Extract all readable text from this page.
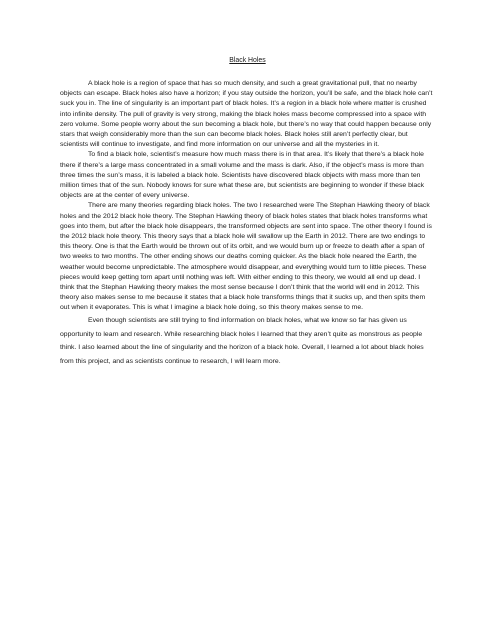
Black Holes

A black hole is a region of space that has so much density, and such a great gravitational pull, that no nearby objects can escape. Black holes also have a horizon; if you stay outside the horizon, you’ll be safe, and the black hole can’t suck you in. The line of singularity is an important part of black holes. It’s a region in a black hole where matter is crushed into infinite density. The pull of gravity is very strong, making the black holes mass become compressed into a space with zero volume. Some people worry about the sun becoming a black hole, but there’s no way that could happen because only stars that weigh considerably more than the sun can become black holes. Black holes still aren’t perfectly clear, but scientists will continue to investigate, and find more information on our universe and all the mysteries in it.

To find a black hole, scientist’s measure how much mass there is in that area. It’s likely that there’s a black hole there if there’s a large mass concentrated in a small volume and the mass is dark. Also, if the object’s mass is more than three times the sun’s mass, it is labeled a black hole. Scientists have discovered black objects with mass more than ten million times that of the sun. Nobody knows for sure what these are, but scientists are beginning to wonder if these black objects are at the center of every universe.

There are many theories regarding black holes. The two I researched were The Stephan Hawking theory of black holes and the 2012 black hole theory. The Stephan Hawking theory of black holes states that black holes transforms what goes into them, but after the black hole disappears, the transformed objects are sent into space. The other theory I found is the 2012 black hole theory. This theory says that a black hole will swallow up the Earth in 2012. There are two endings to this theory. One is that the Earth would be thrown out of its orbit, and we would burn up or freeze to death after a span of two weeks to two months. The other ending shows our deaths coming quicker. As the black hole neared the Earth, the weather would become unpredictable. The atmosphere would disappear, and everything would turn to little pieces. These pieces would keep getting torn apart until nothing was left. With either ending to this theory, we would all end up dead. I think that the Stephan Hawking theory makes the most sense because I don’t think that the world will end in 2012. This theory also makes sense to me because it states that a black hole transforms things that it sucks up, and then spits them out when it evaporates. This is what I imagine a black hole doing, so this theory makes sense to me.

Even though scientists are still trying to find information on black holes, what we know so far has given us opportunity to learn and research. While researching black holes I learned that they aren’t quite as monstrous as people think. I also learned about the line of singularity and the horizon of a black hole. Overall, I learned a lot about black holes from this project, and as scientists continue to research, I will learn more.
